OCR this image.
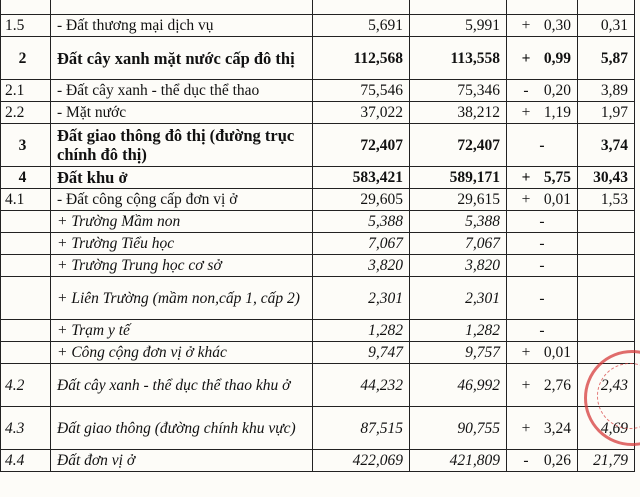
1.5	- Đất thương mại dịch vụ	5,691	5,991	+ 0,30	0,31
2	Đất cây xanh mặt nước cấp đô thị	112,568	113,558	+ 0,99	5,87
2.1	- Đất cây xanh - thể dục thể thao	75,546	75,346	- 0,20	3,89
2.2	- Mặt nước	37,022	38,212	+ 1,19	1,97
3	Đất giao thông đô thị (đường trục chính đô thị)	72,407	72,407	-	3,74
4	Đất khu ở	583,421	589,171	+ 5,75	30,43
4.1	- Đất công cộng cấp đơn vị ở	29,605	29,615	+ 0,01	1,53
	+ Trường Mầm non	5,388	5,388	-	
	+ Trường Tiểu học	7,067	7,067	-	
	+ Trường Trung học cơ sở	3,820	3,820	-	
	+ Liên Trường (mầm non,cấp 1, cấp 2)	2,301	2,301	-	
	+ Trạm y tế	1,282	1,282	-	
	+ Công cộng đơn vị ở khác	9,747	9,757	+ 0,01	
4.2	Đất cây xanh - thể dục thể thao khu ở	44,232	46,992	+ 2,76	2,43
4.3	Đất giao thông (đường chính khu vực)	87,515	90,755	+ 3,24	4,69
4.4	Đất đơn vị ở	422,069	421,809	- 0,26	21,79
